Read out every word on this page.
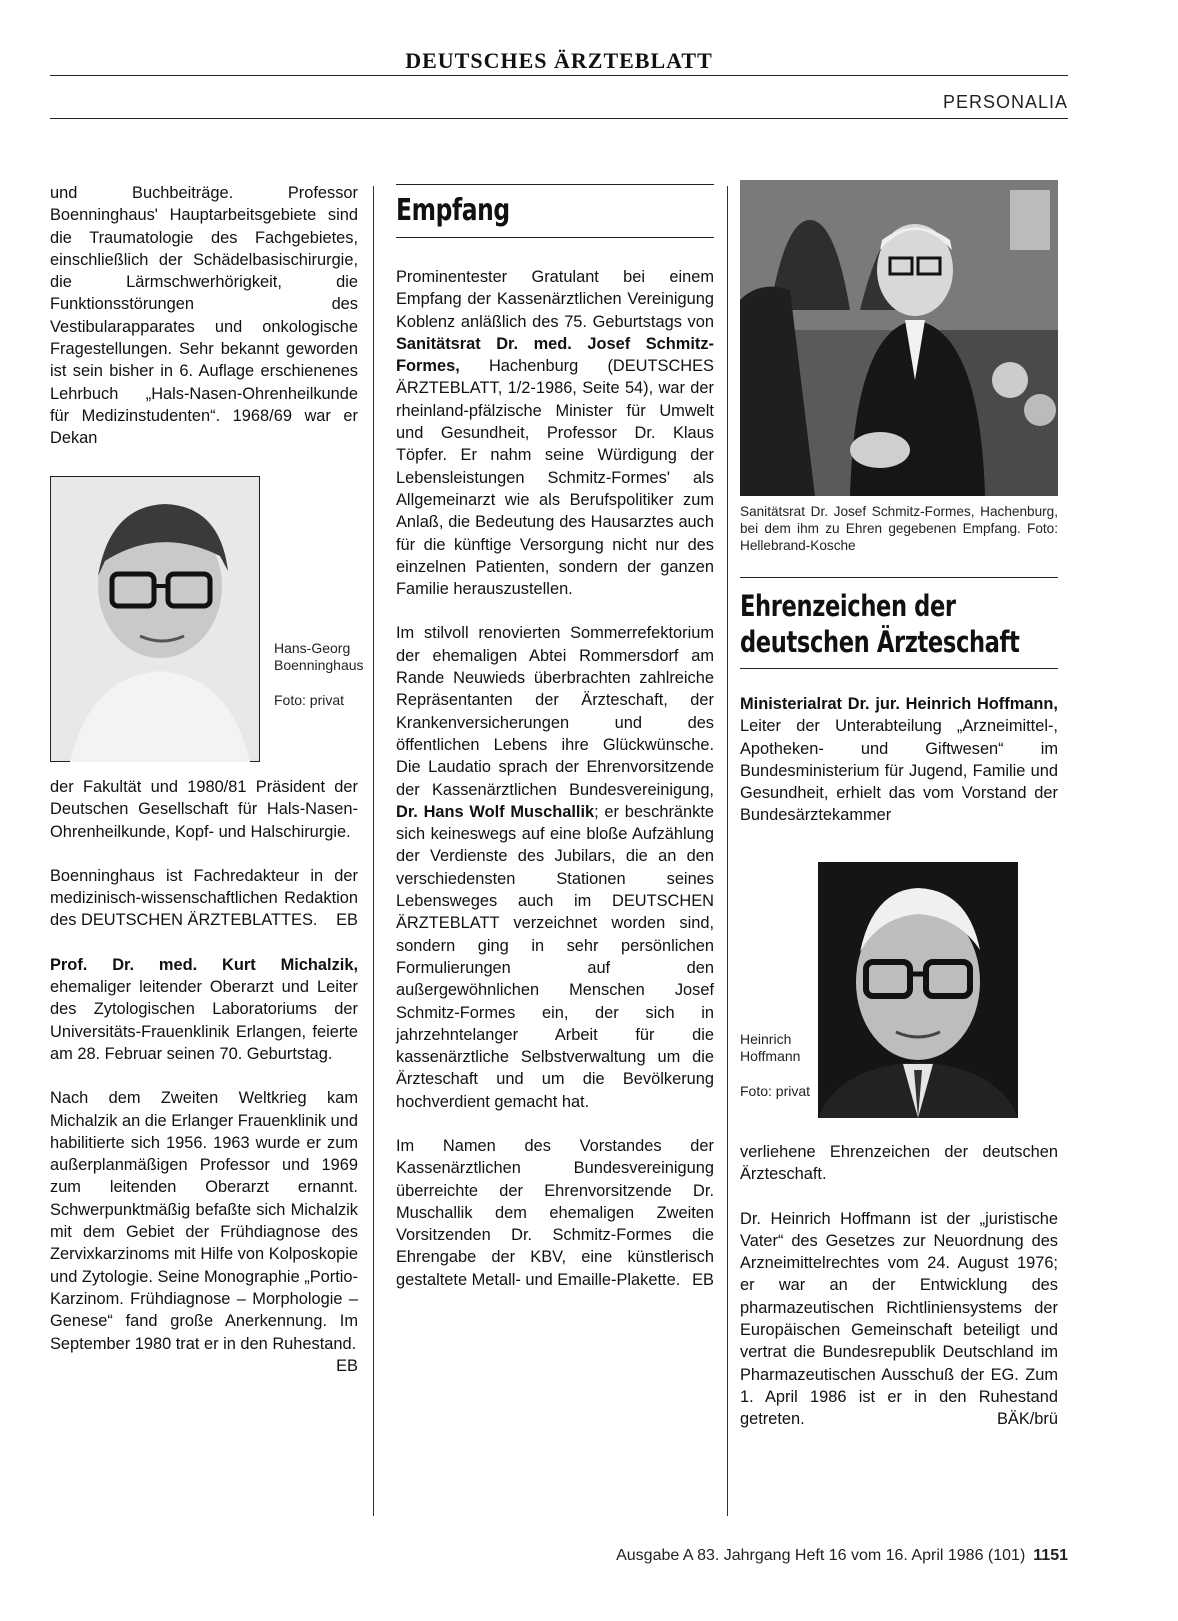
DEUTSCHES ÄRZTEBLATT
PERSONALIA

und Buchbeiträge. Professor Boenninghaus' Hauptarbeitsgebiete sind die Traumatologie des Fachgebietes, einschließlich der Schädelbasischirurgie, die Lärmschwerhörigkeit, die Funktionsstörungen des Vestibularapparates und onkologische Fragestellungen. Sehr bekannt geworden ist sein bisher in 6. Auflage erschienenes Lehrbuch „Hals-Nasen-Ohrenheilkunde für Medizinstudenten“. 1968/69 war er Dekan

Hans-Georg Boenninghaus
Foto: privat

der Fakultät und 1980/81 Präsident der Deutschen Gesellschaft für Hals-Nasen-Ohrenheilkunde, Kopf- und Halschirurgie.

Boenninghaus ist Fachredakteur in der medizinisch-wissenschaftlichen Redaktion des DEUTSCHEN ÄRZTEBLATTES. EB

Prof. Dr. med. Kurt Michalzik, ehemaliger leitender Oberarzt und Leiter des Zytologischen Laboratoriums der Universitäts-Frauenklinik Erlangen, feierte am 28. Februar seinen 70. Geburtstag.

Nach dem Zweiten Weltkrieg kam Michalzik an die Erlanger Frauenklinik und habilitierte sich 1956. 1963 wurde er zum außerplanmäßigen Professor und 1969 zum leitenden Oberarzt ernannt. Schwerpunktmäßig befaßte sich Michalzik mit dem Gebiet der Frühdiagnose des Zervixkarzinoms mit Hilfe von Kolposkopie und Zytologie. Seine Monographie „Portio-Karzinom. Frühdiagnose – Morphologie – Genese“ fand große Anerkennung. Im September 1980 trat er in den Ruhestand.
EB

Empfang

Prominentester Gratulant bei einem Empfang der Kassenärztlichen Vereinigung Koblenz anläßlich des 75. Geburtstags von Sanitätsrat Dr. med. Josef Schmitz-Formes, Hachenburg (DEUTSCHES ÄRZTEBLATT, 1/2-1986, Seite 54), war der rheinland-pfälzische Minister für Umwelt und Gesundheit, Professor Dr. Klaus Töpfer. Er nahm seine Würdigung der Lebensleistungen Schmitz-Formes' als Allgemeinarzt wie als Berufspolitiker zum Anlaß, die Bedeutung des Hausarztes auch für die künftige Versorgung nicht nur des einzelnen Patienten, sondern der ganzen Familie herauszustellen.

Im stilvoll renovierten Sommerrefektorium der ehemaligen Abtei Rommersdorf am Rande Neuwieds überbrachten zahlreiche Repräsentanten der Ärzteschaft, der Krankenversicherungen und des öffentlichen Lebens ihre Glückwünsche. Die Laudatio sprach der Ehrenvorsitzende der Kassenärztlichen Bundesvereinigung, Dr. Hans Wolf Muschallik; er beschränkte sich keineswegs auf eine bloße Aufzählung der Verdienste des Jubilars, die an den verschiedensten Stationen seines Lebensweges auch im DEUTSCHEN ÄRZTEBLATT verzeichnet worden sind, sondern ging in sehr persönlichen Formulierungen auf den außergewöhnlichen Menschen Josef Schmitz-Formes ein, der sich in jahrzehntelanger Arbeit für die kassenärztliche Selbstverwaltung um die Ärzteschaft und um die Bevölkerung hochverdient gemacht hat.

Im Namen des Vorstandes der Kassenärztlichen Bundesvereinigung überreichte der Ehrenvorsitzende Dr. Muschallik dem ehemaligen Zweiten Vorsitzenden Dr. Schmitz-Formes die Ehrengabe der KBV, eine künstlerisch gestaltete Metall- und Emaille-Plakette. EB

Sanitätsrat Dr. Josef Schmitz-Formes, Hachenburg, bei dem ihm zu Ehren gegebenen Empfang. Foto: Hellebrand-Kosche
Ehrenzeichen der
deutschen Ärzteschaft

Ministerialrat Dr. jur. Heinrich Hoffmann, Leiter der Unterabteilung „Arzneimittel-, Apotheken- und Giftwesen“ im Bundesministerium für Jugend, Familie und Gesundheit, erhielt das vom Vorstand der Bundesärztekammer

Heinrich Hoffmann
Foto: privat

verliehene Ehrenzeichen der deutschen Ärzteschaft.

Dr. Heinrich Hoffmann ist der „juristische Vater“ des Gesetzes zur Neuordnung des Arzneimittelrechtes vom 24. August 1976; er war an der Entwicklung des pharmazeutischen Richtliniensystems der Europäischen Gemeinschaft beteiligt und vertrat die Bundesrepublik Deutschland im Pharmazeutischen Ausschuß der EG. Zum 1. April 1986 ist er in den Ruhestand getreten.	BÄK/brü

Ausgabe A 83. Jahrgang Heft 16 vom 16. April 1986 (101) 1151
